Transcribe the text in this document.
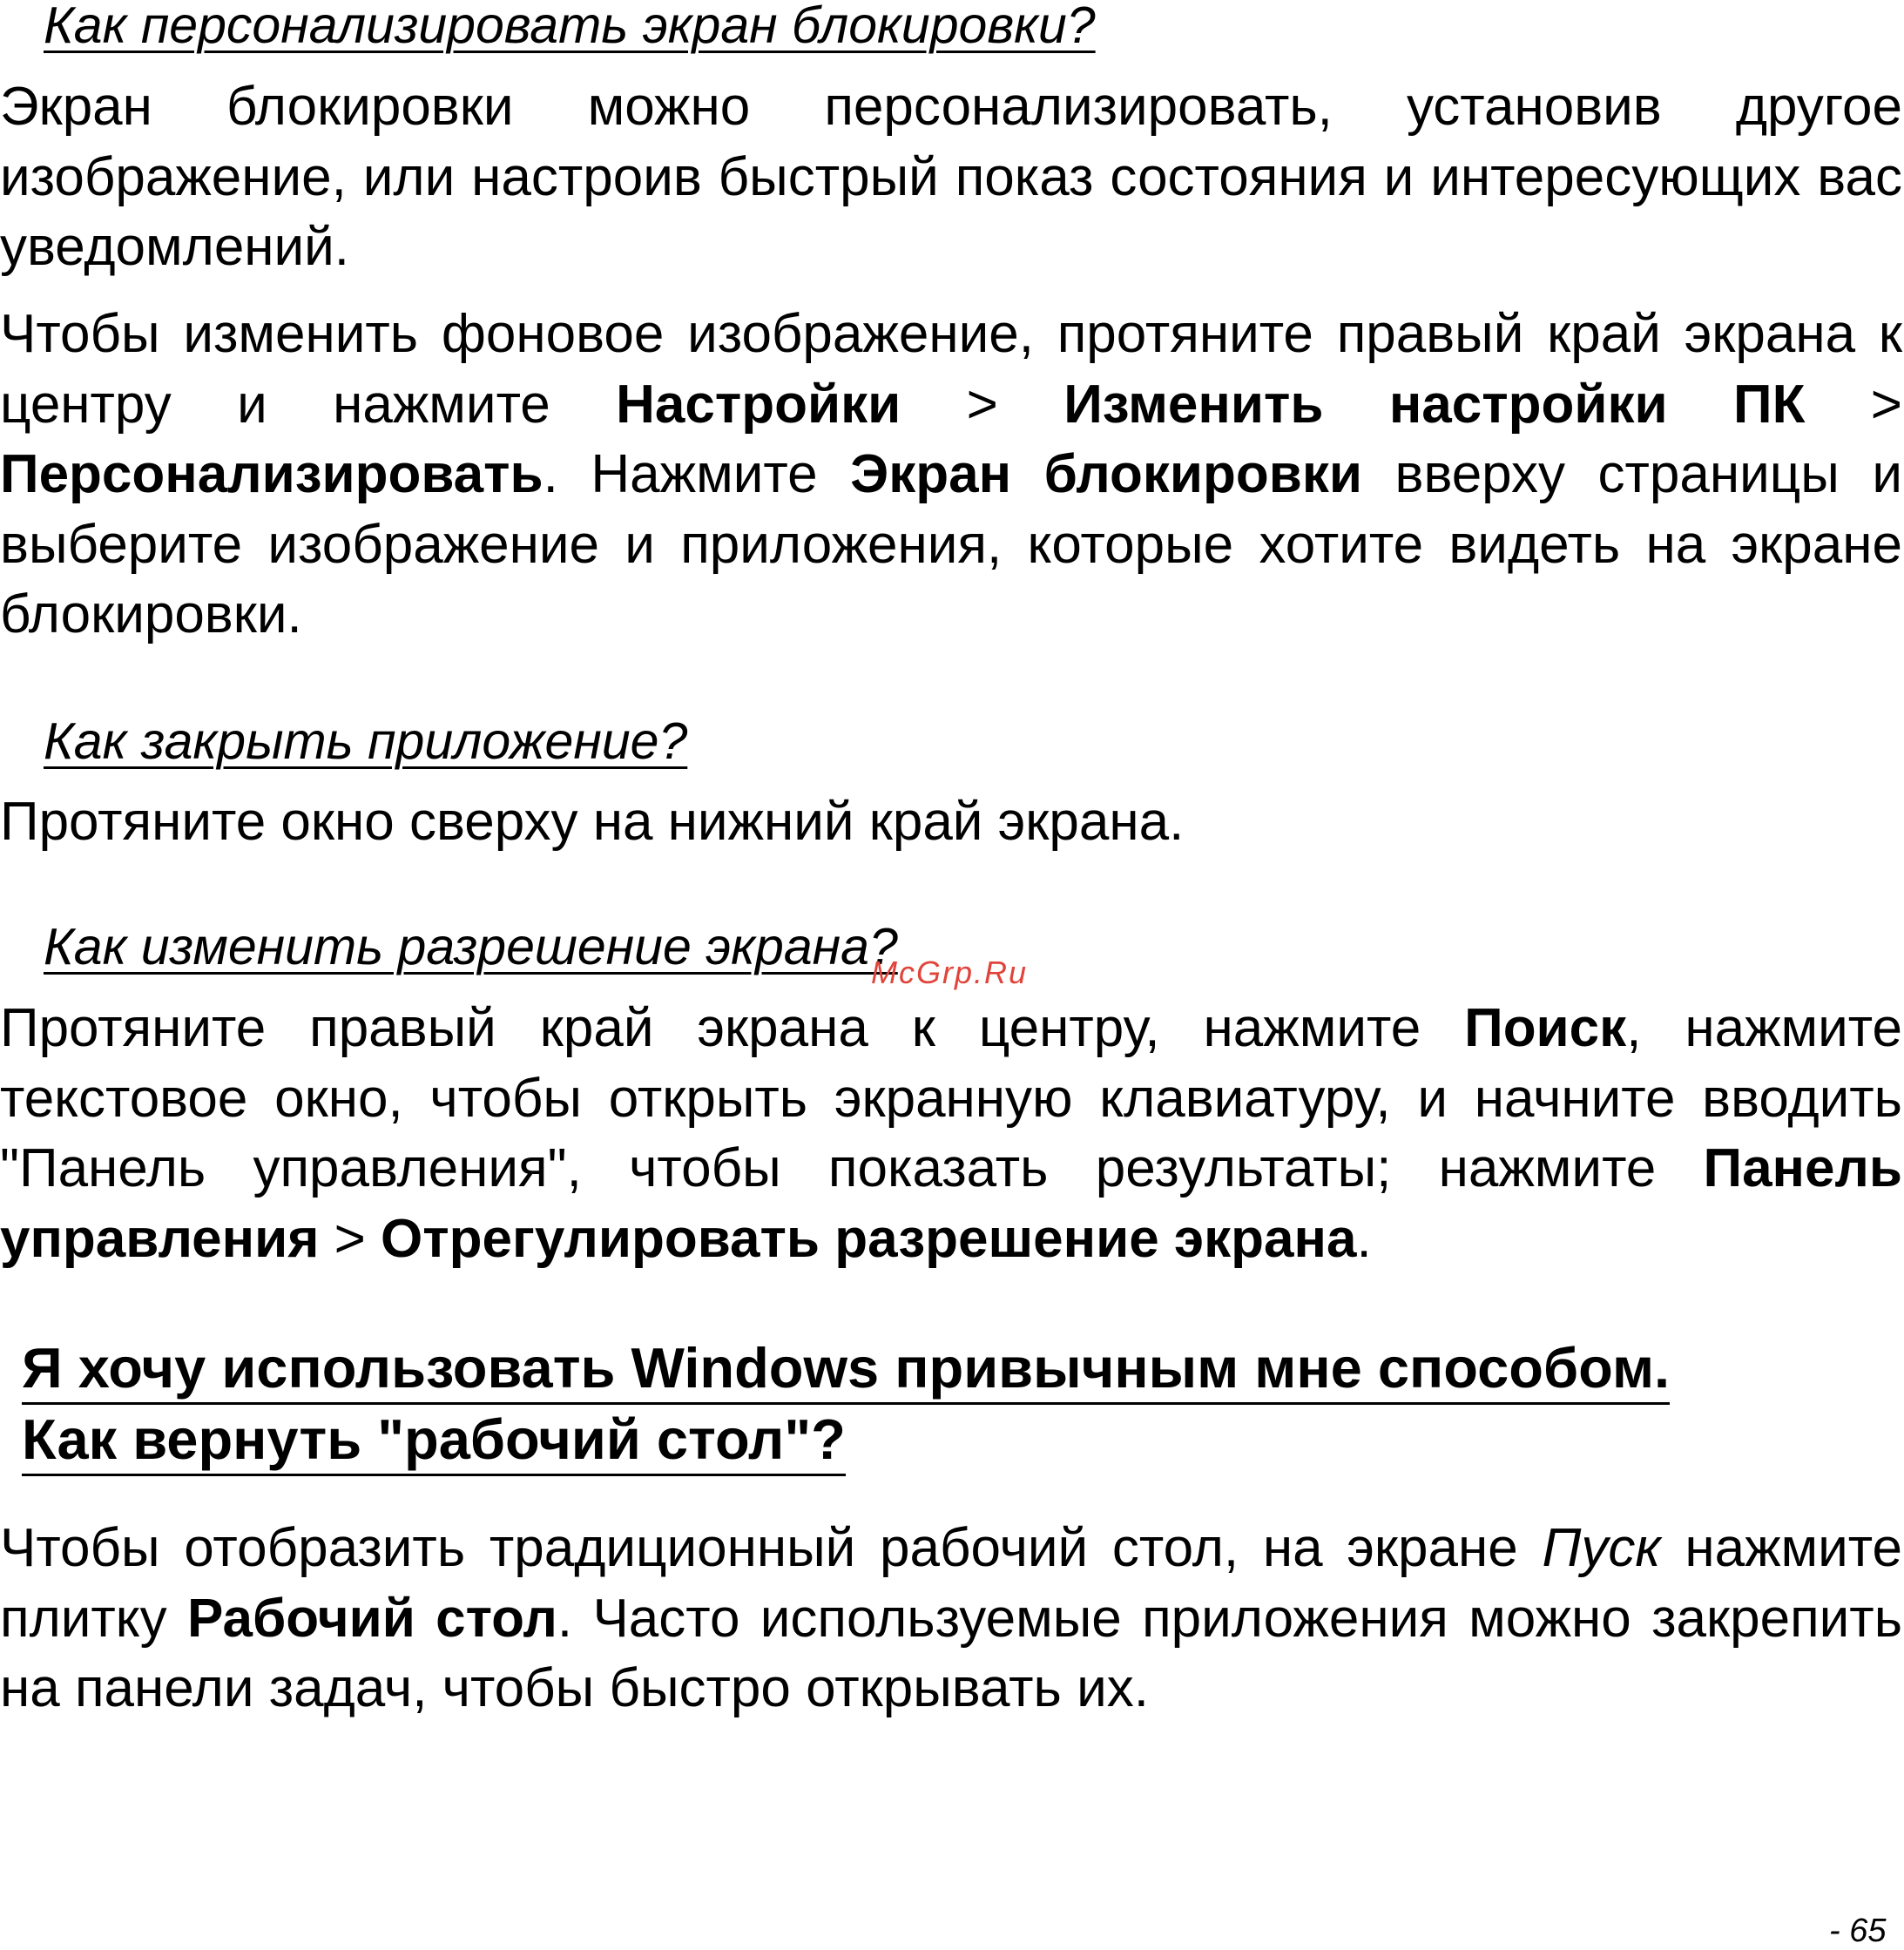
Как персонализировать экран блокировки?

Экран блокировки можно персонализировать, установив другое изображение, или настроив быстрый показ состояния и интересующих вас уведомлений.

Чтобы изменить фоновое изображение, протяните правый край экрана к центру и нажмите Настройки > Изменить настройки ПК > Персонализировать. Нажмите Экран блокировки вверху страницы и выберите изображение и приложения, которые хотите видеть на экране блокировки.

Как закрыть приложение?

Протяните окно сверху на нижний край экрана.

Как изменить разрешение экрана?
McGrp.Ru

Протяните правый край экрана к центру, нажмите Поиск, нажмите текстовое окно, чтобы открыть экранную клавиатуру, и начните вводить "Панель управления", чтобы показать результаты; нажмите Панель управления > Отрегулировать разрешение экрана.

Я хочу использовать Windows привычным мне способом.
Как вернуть "рабочий стол"?

Чтобы отобразить традиционный рабочий стол, на экране Пуск нажмите плитку Рабочий стол. Часто используемые приложения можно закрепить на панели задач, чтобы быстро открывать их.

- 65
